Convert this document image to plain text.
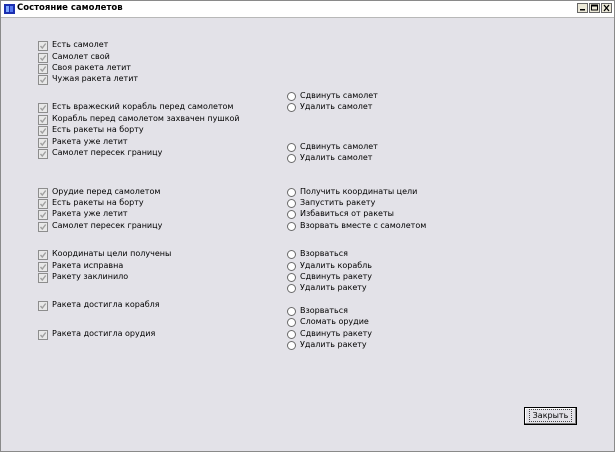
Состояние самолетов
Есть самолет
Самолет свой
Своя ракета летит
Чужая ракета летит
Сдвинуть самолет
Удалить самолет
Есть вражеский корабль перед самолетом
Корабль перед самолетом захвачен пушкой
Есть ракеты на борту
Ракета уже летит
Самолет пересек границу
Сдвинуть самолет
Удалить самолет
Орудие перед самолетом
Есть ракеты на борту
Ракета уже летит
Самолет пересек границу
Получить координаты цели
Запустить ракету
Избавиться от ракеты
Взорвать вместе с самолетом
Координаты цели получены
Ракета исправна
Ракету заклинило
Взорваться
Удалить корабль
Сдвинуть ракету
Удалить ракету
Ракета достигла корабля
Ракета достигла орудия
Взорваться
Сломать орудие
Сдвинуть ракету
Удалить ракету
Закрыть
